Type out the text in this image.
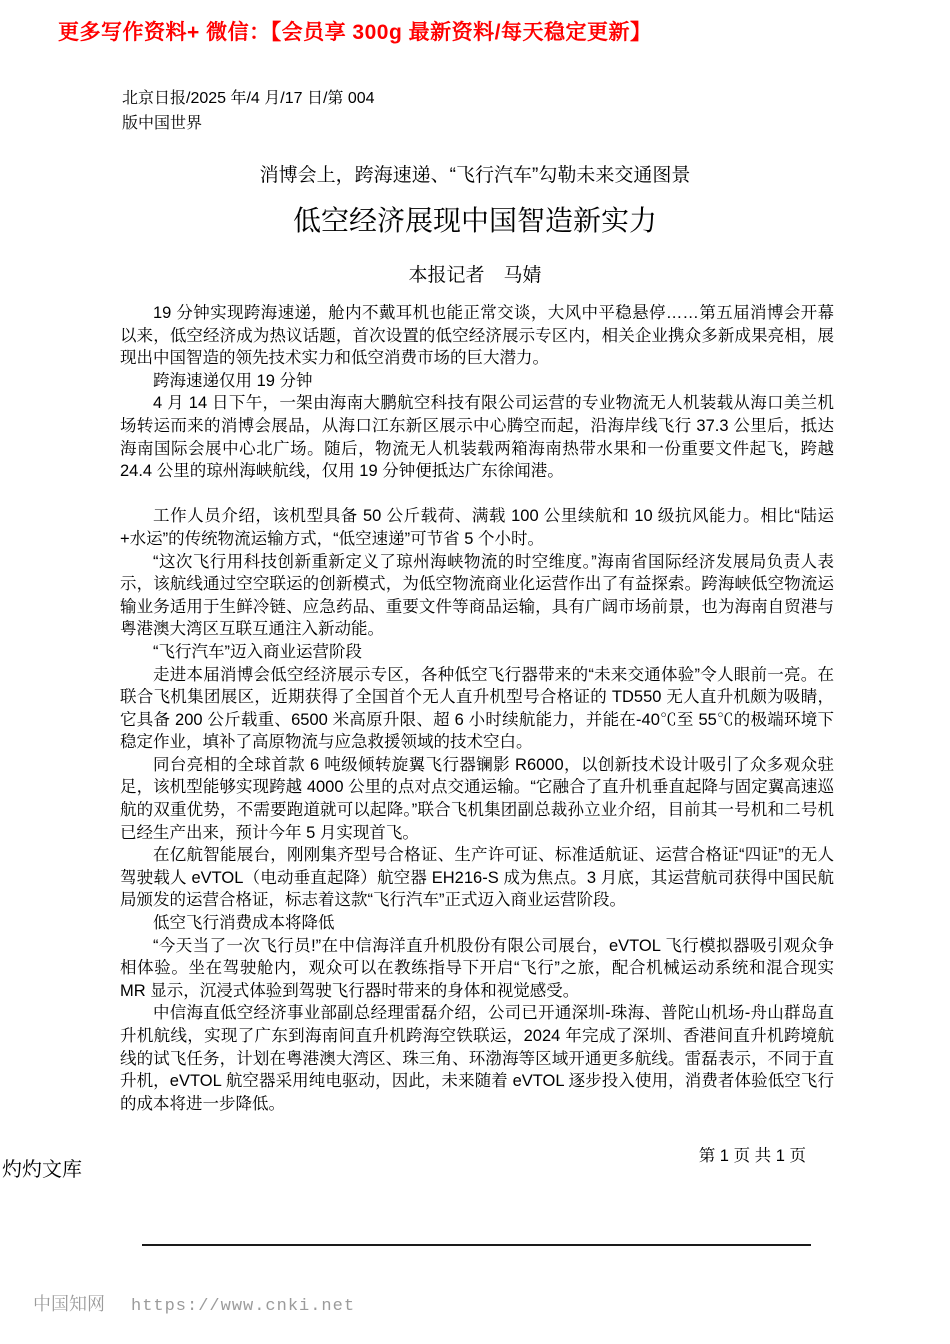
更多写作资料+ 微信：【会员享 300g 最新资料/每天稳定更新】
北京日报/2025 年/4 月/17 日/第 004
版中国世界
消博会上，跨海速递、“飞行汽车”勾勒未来交通图景
低空经济展现中国智造新实力
本报记者　马婧

19 分钟实现跨海速递，舱内不戴耳机也能正常交谈，大风中平稳悬停……第五届消博会开幕以来，低空经济成为热议话题，首次设置的低空经济展示专区内，相关企业携众多新成果亮相，展现出中国智造的领先技术实力和低空消费市场的巨大潜力。

跨海速递仅用 19 分钟

4 月 14 日下午，一架由海南大鹏航空科技有限公司运营的专业物流无人机装载从海口美兰机场转运而来的消博会展品，从海口江东新区展示中心腾空而起，沿海岸线飞行 37.3 公里后，抵达海南国际会展中心北广场。随后，物流无人机装载两箱海南热带水果和一份重要文件起飞，跨越 24.4 公里的琼州海峡航线，仅用 19 分钟便抵达广东徐闻港。

工作人员介绍，该机型具备 50 公斤载荷、满载 100 公里续航和 10 级抗风能力。相比“陆运+水运”的传统物流运输方式，“低空速递”可节省 5 个小时。

“这次飞行用科技创新重新定义了琼州海峡物流的时空维度。”海南省国际经济发展局负责人表示，该航线通过空空联运的创新模式，为低空物流商业化运营作出了有益探索。跨海峡低空物流运输业务适用于生鲜冷链、应急药品、重要文件等商品运输，具有广阔市场前景，也为海南自贸港与粤港澳大湾区互联互通注入新动能。

“飞行汽车”迈入商业运营阶段

走进本届消博会低空经济展示专区，各种低空飞行器带来的“未来交通体验”令人眼前一亮。在联合飞机集团展区，近期获得了全国首个无人直升机型号合格证的 TD550 无人直升机颇为吸睛，它具备 200 公斤载重、6500 米高原升限、超 6 小时续航能力，并能在-40℃至 55℃的极端环境下稳定作业，填补了高原物流与应急救援领域的技术空白。

同台亮相的全球首款 6 吨级倾转旋翼飞行器镧影 R6000，以创新技术设计吸引了众多观众驻足，该机型能够实现跨越 4000 公里的点对点交通运输。“它融合了直升机垂直起降与固定翼高速巡航的双重优势，不需要跑道就可以起降。”联合飞机集团副总裁孙立业介绍，目前其一号机和二号机已经生产出来，预计今年 5 月实现首飞。

在亿航智能展台，刚刚集齐型号合格证、生产许可证、标准适航证、运营合格证“四证”的无人驾驶载人 eVTOL（电动垂直起降）航空器 EH216-S 成为焦点。3 月底，其运营航司获得中国民航局颁发的运营合格证，标志着这款“飞行汽车”正式迈入商业运营阶段。

低空飞行消费成本将降低

“今天当了一次飞行员!”在中信海洋直升机股份有限公司展台，eVTOL 飞行模拟器吸引观众争相体验。坐在驾驶舱内，观众可以在教练指导下开启“飞行”之旅，配合机械运动系统和混合现实 MR 显示，沉浸式体验到驾驶飞行器时带来的身体和视觉感受。

中信海直低空经济事业部副总经理雷磊介绍，公司已开通深圳-珠海、普陀山机场-舟山群岛直升机航线，实现了广东到海南间直升机跨海空铁联运，2024 年完成了深圳、香港间直升机跨境航线的试飞任务，计划在粤港澳大湾区、珠三角、环渤海等区域开通更多航线。雷磊表示，不同于直升机，eVTOL 航空器采用纯电驱动，因此，未来随着 eVTOL 逐步投入使用，消费者体验低空飞行的成本将进一步降低。

第 1 页 共 1 页
灼灼文库
中国知网 https://www.cnki.net
